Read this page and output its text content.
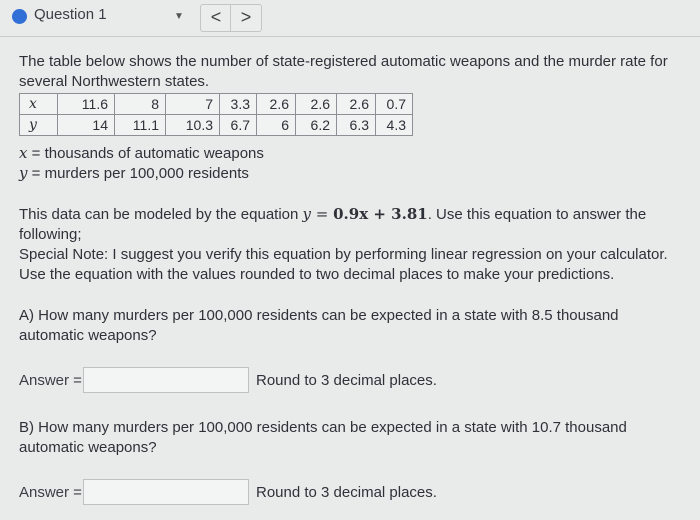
Question 1	▼	<	>
The table below shows the number of state-registered automatic weapons and the murder rate for several Northwestern states.
x	11.6	8	7	3.3	2.6	2.6	2.6	0.7
y	14	11.1	10.3	6.7	6	6.2	6.3	4.3
x = thousands of automatic weapons
y = murders per 100,000 residents
This data can be modeled by the equation y = 0.9x + 3.81. Use this equation to answer the following;
Special Note: I suggest you verify this equation by performing linear regression on your calculator. Use the equation with the values rounded to two decimal places to make your predictions.
A) How many murders per 100,000 residents can be expected in a state with 8.5 thousand automatic weapons?
Answer =	Round to 3 decimal places.
B) How many murders per 100,000 residents can be expected in a state with 10.7 thousand automatic weapons?
Answer =	Round to 3 decimal places.
